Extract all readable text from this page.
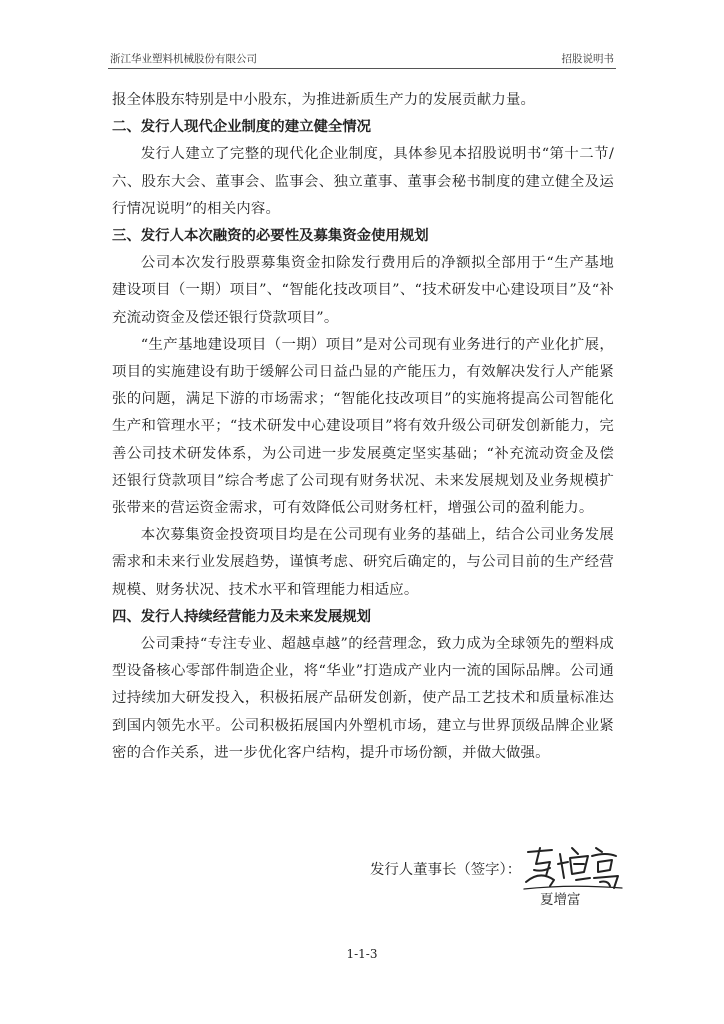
浙江华业塑料机械股份有限公司	招股说明书

报全体股东特别是中小股东，为推进新质生产力的发展贡献力量。

二、发行人现代企业制度的建立健全情况

发行人建立了完整的现代化企业制度，具体参见本招股说明书“第十二节/六、股东大会、董事会、监事会、独立董事、董事会秘书制度的建立健全及运行情况说明”的相关内容。

三、发行人本次融资的必要性及募集资金使用规划

公司本次发行股票募集资金扣除发行费用后的净额拟全部用于“生产基地建设项目（一期）项目”、“智能化技改项目”、“技术研发中心建设项目”及“补充流动资金及偿还银行贷款项目”。

“生产基地建设项目（一期）项目”是对公司现有业务进行的产业化扩展，项目的实施建设有助于缓解公司日益凸显的产能压力，有效解决发行人产能紧张的问题，满足下游的市场需求；“智能化技改项目”的实施将提高公司智能化生产和管理水平；“技术研发中心建设项目”将有效升级公司研发创新能力，完善公司技术研发体系，为公司进一步发展奠定坚实基础；“补充流动资金及偿还银行贷款项目”综合考虑了公司现有财务状况、未来发展规划及业务规模扩张带来的营运资金需求，可有效降低公司财务杠杆，增强公司的盈利能力。

本次募集资金投资项目均是在公司现有业务的基础上，结合公司业务发展需求和未来行业发展趋势，谨慎考虑、研究后确定的，与公司目前的生产经营规模、财务状况、技术水平和管理能力相适应。

四、发行人持续经营能力及未来发展规划

公司秉持“专注专业、超越卓越”的经营理念，致力成为全球领先的塑料成型设备核心零部件制造企业，将“华业”打造成产业内一流的国际品牌。公司通过持续加大研发投入，积极拓展产品研发创新，使产品工艺技术和质量标准达到国内领先水平。公司积极拓展国内外塑机市场，建立与世界顶级品牌企业紧密的合作关系，进一步优化客户结构，提升市场份额，并做大做强。

发行人董事长（签字）：
夏增富
1-1-3
